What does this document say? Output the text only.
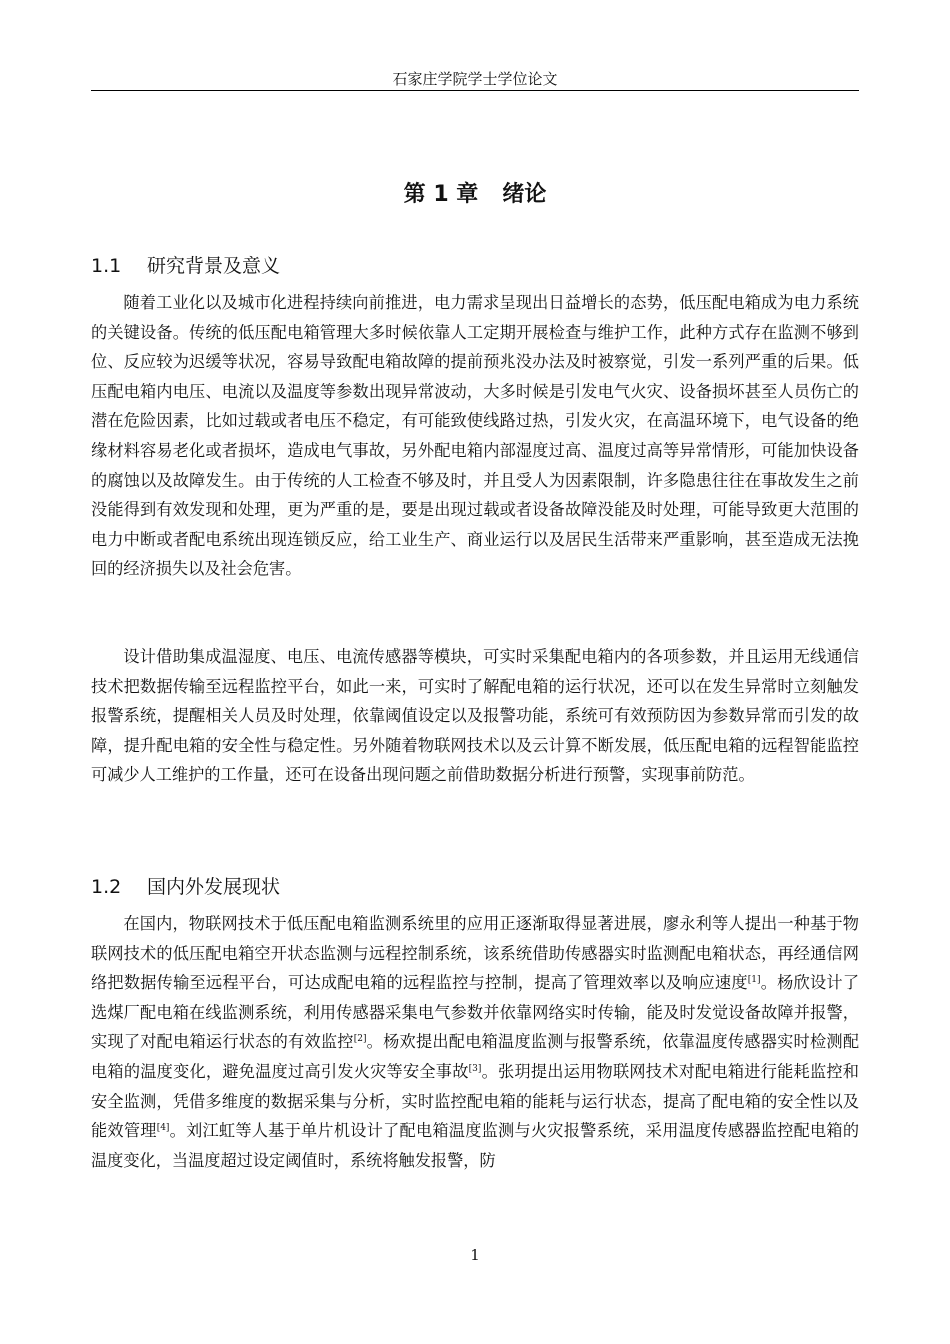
石家庄学院学士学位论文
第 1 章 绪论
1.1 研究背景及意义

随着工业化以及城市化进程持续向前推进，电力需求呈现出日益增长的态势，低压配电箱成为电力系统的关键设备。传统的低压配电箱管理大多时候依靠人工定期开展检查与维护工作，此种方式存在监测不够到位、反应较为迟缓等状况，容易导致配电箱故障的提前预兆没办法及时被察觉，引发一系列严重的后果。低压配电箱内电压、电流以及温度等参数出现异常波动，大多时候是引发电气火灾、设备损坏甚至人员伤亡的潜在危险因素，比如过载或者电压不稳定，有可能致使线路过热，引发火灾，在高温环境下，电气设备的绝缘材料容易老化或者损坏，造成电气事故，另外配电箱内部湿度过高、温度过高等异常情形，可能加快设备的腐蚀以及故障发生。由于传统的人工检查不够及时，并且受人为因素限制，许多隐患往往在事故发生之前没能得到有效发现和处理，更为严重的是，要是出现过载或者设备故障没能及时处理，可能导致更大范围的电力中断或者配电系统出现连锁反应，给工业生产、商业运行以及居民生活带来严重影响，甚至造成无法挽回的经济损失以及社会危害。

设计借助集成温湿度、电压、电流传感器等模块，可实时采集配电箱内的各项参数，并且运用无线通信技术把数据传输至远程监控平台，如此一来，可实时了解配电箱的运行状况，还可以在发生异常时立刻触发报警系统，提醒相关人员及时处理，依靠阈值设定以及报警功能，系统可有效预防因为参数异常而引发的故障，提升配电箱的安全性与稳定性。另外随着物联网技术以及云计算不断发展，低压配电箱的远程智能监控可减少人工维护的工作量，还可在设备出现问题之前借助数据分析进行预警，实现事前防范。

1.2 国内外发展现状

在国内，物联网技术于低压配电箱监测系统里的应用正逐渐取得显著进展，廖永利等人提出一种基于物联网技术的低压配电箱空开状态监测与远程控制系统，该系统借助传感器实时监测配电箱状态，再经通信网络把数据传输至远程平台，可达成配电箱的远程监控与控制，提高了管理效率以及响应速度[1]。杨欣设计了选煤厂配电箱在线监测系统，利用传感器采集电气参数并依靠网络实时传输，能及时发觉设备故障并报警，实现了对配电箱运行状态的有效监控[2]。杨欢提出配电箱温度监测与报警系统，依靠温度传感器实时检测配电箱的温度变化，避免温度过高引发火灾等安全事故[3]。张玥提出运用物联网技术对配电箱进行能耗监控和安全监测，凭借多维度的数据采集与分析，实时监控配电箱的能耗与运行状态，提高了配电箱的安全性以及能效管理[4]。刘江虹等人基于单片机设计了配电箱温度监测与火灾报警系统，采用温度传感器监控配电箱的温度变化，当温度超过设定阈值时，系统将触发报警，防

1
